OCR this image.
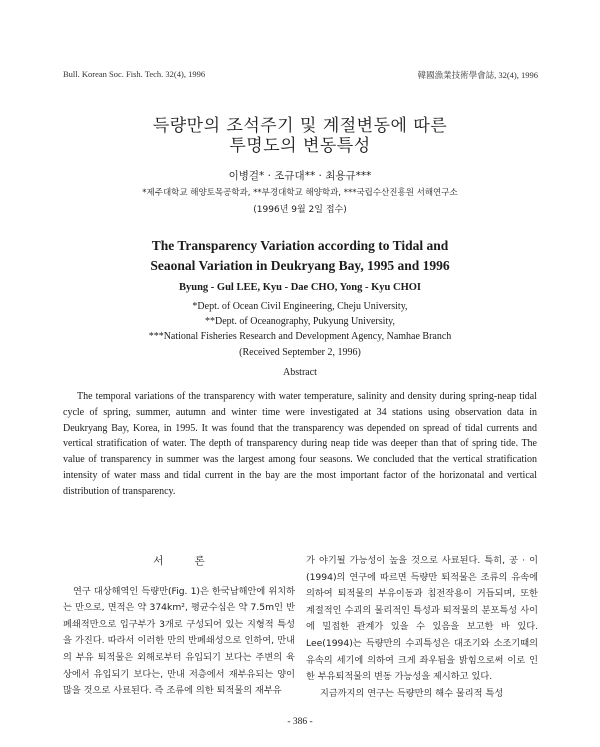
Bull. Korean Soc. Fish. Tech. 32(4), 1996	韓國漁業技術學會誌, 32(4), 1996
득량만의 조석주기 및 계절변동에 따른
투명도의 변동특성
이병걸* · 조규대** · 최용규***
*제주대학교 해양토목공학과, **부경대학교 해양학과, ***국립수산진흥원 서해연구소
(1996년 9월 2일 접수)
The Transparency Variation according to Tidal and
Seaonal Variation in Deukryang Bay, 1995 and 1996
Byung - Gul LEE, Kyu - Dae CHO, Yong - Kyu CHOI
*Dept. of Ocean Civil Engineering, Cheju University,
**Dept. of Oceanography, Pukyung University,
***National Fisheries Research and Development Agency, Namhae Branch
(Received September 2, 1996)
Abstract
The temporal variations of the transparency with water temperature, salinity and density during spring-neap tidal cycle of spring, summer, autumn and winter time were investigated at 34 stations using observation data in Deukryang Bay, Korea, in 1995. It was found that the transparency was depended on spread of tidal currents and vertical stratification of water. The depth of transparency during neap tide was deeper than that of spring tide. The value of transparency in summer was the largest among four seasons. We concluded that the vertical stratification intensity of water mass and tidal current in the bay are the most important factor of the horizonatal and vertical distribution of transparency.
서 론

연구 대상해역인 득량만(Fig. 1)은 한국남해안에 위치하는 만으로, 면적은 약 374km², 평균수심은 약 7.5m인 반폐쇄적만으로 입구부가 3개로 구성되어 있는 지형적 특성을 가진다. 따라서 이러한 만의 반폐쇄성으로 인하여, 만내의 부유 퇴적물은 외해로부터 유입되기 보다는 주변의 육상에서 유입되기 보다는, 만내 저층에서 재부유되는 양이 많을 것으로 사료된다. 즉 조류에 의한 퇴적물의 재부유

가 야기될 가능성이 높을 것으로 사료된다. 특히, 공 · 이(1994)의 연구에 따르면 득량만 퇴적물은 조류의 유속에 의하여 퇴적물의 부유이동과 침전작용이 거듭되며, 또한 계절적인 수괴의 물리적인 특성과 퇴적물의 분포특성 사이에 밀접한 관계가 있을 수 있음을 보고한 바 있다. Lee(1994)는 득량만의 수괴특성은 대조기와 소조기때의 유속의 세기에 의하여 크게 좌우됨을 밝힘으로써 이로 인한 부유퇴적물의 변동 가능성을 제시하고 있다.

지금까지의 연구는 득량만의 해수 물리적 특성

- 386 -
